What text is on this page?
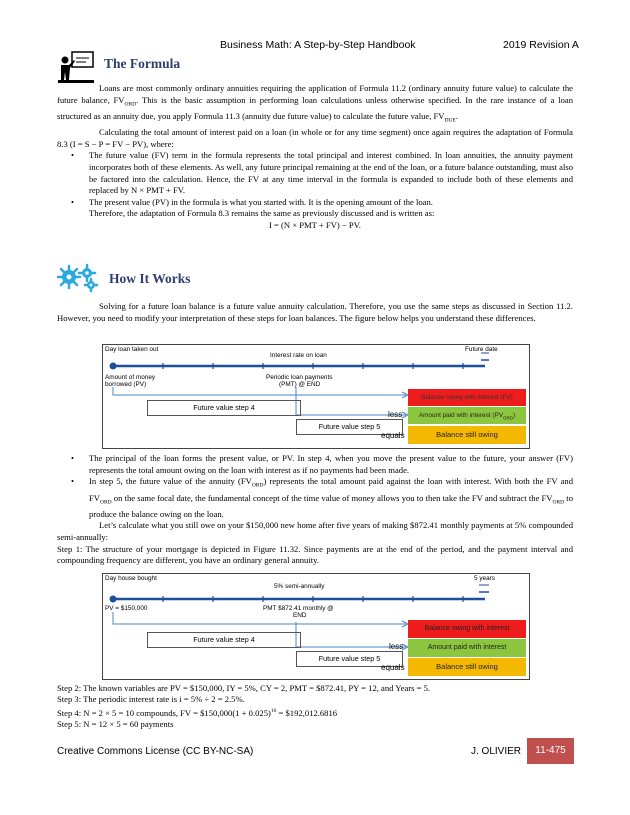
Business Math: A Step-by-Step Handbook	2019 Revision A
The Formula

Loans are most commonly ordinary annuities requiring the application of Formula 11.2 (ordinary annuity future value) to calculate the future balance, $FV_{ORD}$. This is the basic assumption in performing loan calculations unless otherwise specified. In the rare instance of a loan structured as an annuity due, you apply Formula 11.3 (annuity due future value) to calculate the future value, $FV_{DUE}$.

Calculating the total amount of interest paid on a loan (in whole or for any time segment) once again requires the adaptation of Formula 8.3 (I = S − P = FV − PV), where:

• The future value (FV) term in the formula represents the total principal and interest combined. In loan annuities, the annuity payment incorporates both of these elements. As well, any future principal remaining at the end of the loan, or a future balance outstanding, must also be factored into the calculation. Hence, the FV at any time interval in the formula is expanded to include both of these elements and replaced by N × PMT + FV.

• The present value (PV) in the formula is what you started with. It is the opening amount of the loan.

Therefore, the adaptation of Formula 8.3 remains the same as previously discussed and is written as:

I = (N × PMT + FV) − PV.

How It Works

Solving for a future loan balance is a future value annuity calculation. Therefore, you use the same steps as discussed in Section 11.2. However, you need to modify your interpretation of these steps for loan balances. The figure below helps you understand these differences.

Day loan taken out	Future date
Interest rate on loan
Amount of money
borrowed (PV)
Periodic loan payments
(PMT) @ END
Future value step 4
Future value step 5
less
equals
Balance owing with interest (FV)
Amount paid with interest $(PV_{ORD})$
Balance still owing

• The principal of the loan forms the present value, or PV. In step 4, when you move the present value to the future, your answer (FV) represents the total amount owing on the loan with interest as if no payments had been made.

• In step 5, the future value of the annuity $(FV_{ORD})$ represents the total amount paid against the loan with interest. With both the FV and $FV_{ORD}$ on the same focal date, the fundamental concept of the time value of money allows you to then take the FV and subtract the $FV_{ORD}$ to produce the balance owing on the loan.

Let’s calculate what you still owe on your $150,000 new home after five years of making $872.41 monthly payments at 5% compounded semi-annually:

Step 1: The structure of your mortgage is depicted in Figure 11.32. Since payments are at the end of the period, and the payment interval and compounding frequency are different, you have an ordinary general annuity.

Day house bought	5 years
5% semi-annually
PV = $150,000	PMT $872.41 monthly @
END
Future value step 4
Future value step 5
less
equals
Balance owing with interest
Amount paid with interest
Balance still owing
Step 2: The known variables are PV = $150,000, IY = 5%, CY = 2, PMT = $872.41, PY = 12, and Years = 5.
Step 3: The periodic interest rate is i = 5% ÷ 2 = 2.5%.
Step 4: N = 2 × 5 = 10 compounds, FV = $150,000(1 + 0.025)$^{10}$ = $192,012.6816
Step 5: N = 12 × 5 = 60 payments
Creative Commons License (CC BY-NC-SA)	J. OLIVIER	11-475
